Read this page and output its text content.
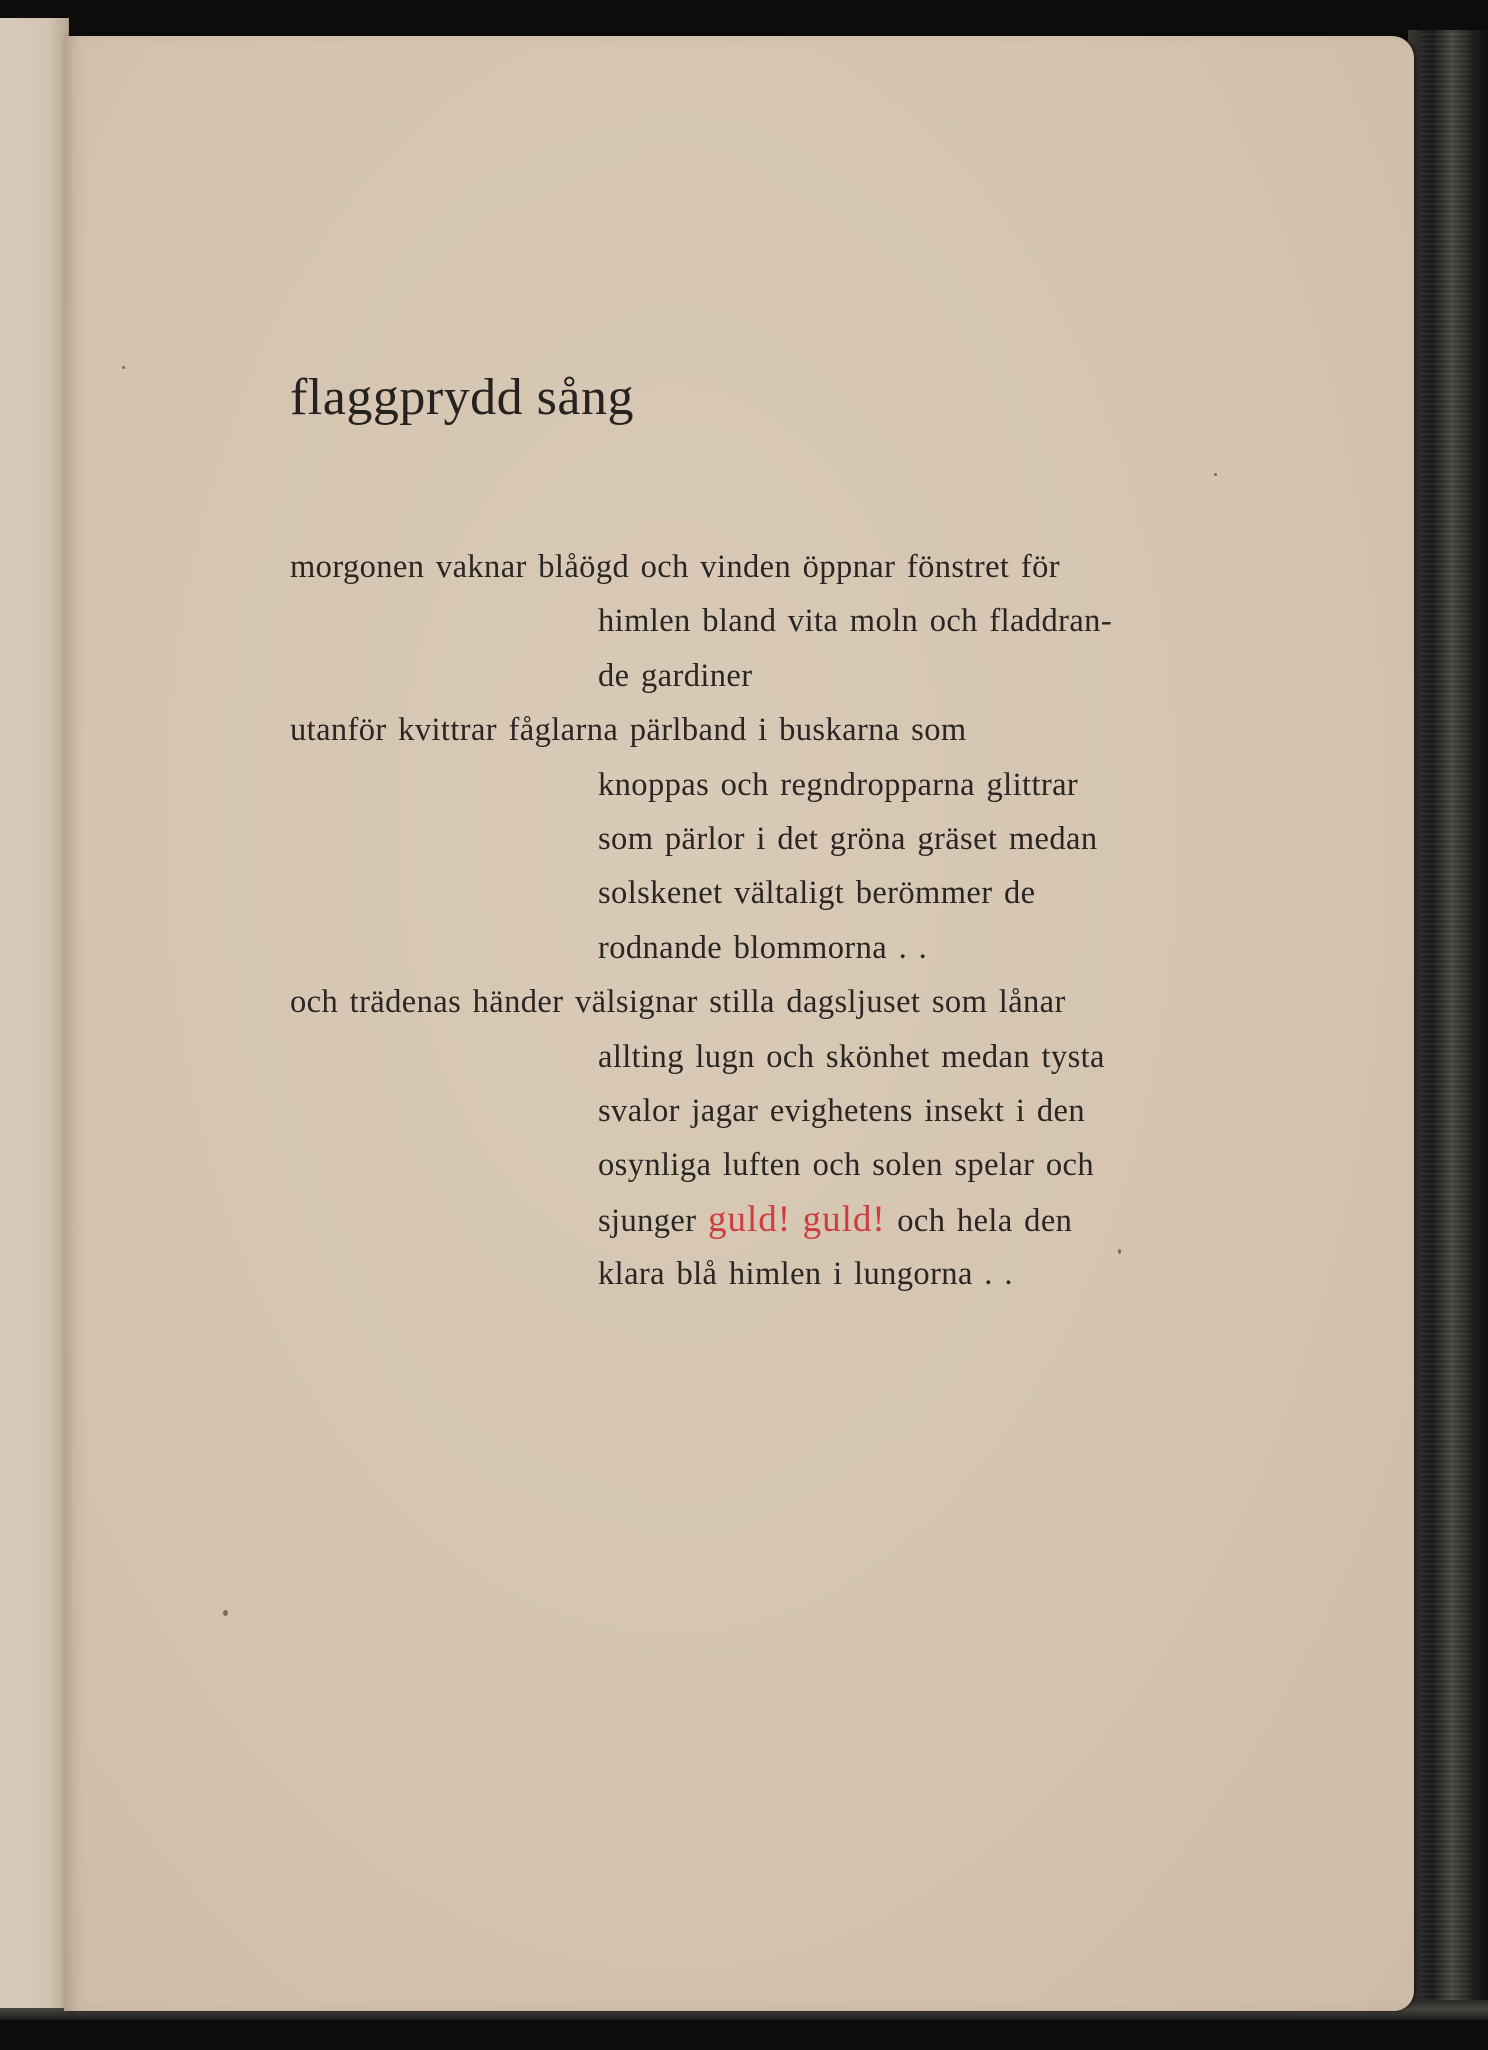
flaggprydd sång
morgonen vaknar blåögd och vinden öppnar fönstret för
himlen bland vita moln och fladdran-
de gardiner
utanför kvittrar fåglarna pärlband i buskarna som
knoppas och regndropparna glittrar
som pärlor i det gröna gräset medan
solskenet vältaligt berömmer de
rodnande blommorna . .
och trädenas händer välsignar stilla dagsljuset som lånar
allting lugn och skönhet medan tysta
svalor jagar evighetens insekt i den
osynliga luften och solen spelar och
sjunger guld! guld! och hela den
klara blå himlen i lungorna . .
